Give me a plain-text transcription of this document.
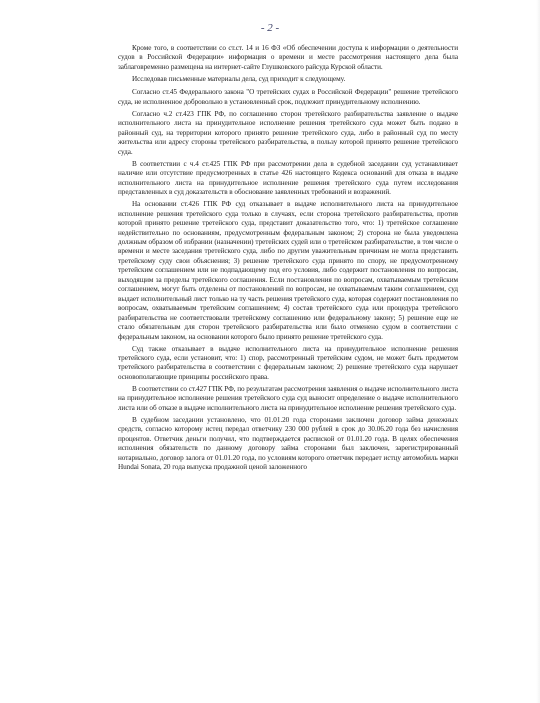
- 2 -

Кроме того, в соответствии со ст.ст. 14 и 16 ФЗ «Об обеспечении доступа к информации о деятельности судов в Российской Федерации» информация о времени и месте рассмотрения настоящего дела была заблаговременно размещена на интернет-сайте Глушковского райсуда Курской области.

Исследовав письменные материалы дела, суд приходит к следующему.

Согласно ст.45 Федерального закона "О третейских судах в Российской Федерации" решение третейского суда, не исполненное добровольно в установленный срок, подлежит принудительному исполнению.

Согласно ч.2 ст.423 ГПК РФ, по соглашению сторон третейского разбирательства заявление о выдаче исполнительного листа на принудительное исполнение решения третейского суда может быть подано в районный суд, на территории которого принято решение третейского суда, либо в районный суд по месту жительства или адресу стороны третейского разбирательства, в пользу которой принято решение третейского суда.

В соответствии с ч.4 ст.425 ГПК РФ при рассмотрении дела в судебной заседании суд устанавливает наличие или отсутствие предусмотренных в статье 426 настоящего Кодекса оснований для отказа в выдаче исполнительного листа на принудительное исполнение решения третейского суда путем исследования представленных в суд доказательств в обоснование заявленных требований и возражений.

На основании ст.426 ГПК РФ суд отказывает в выдаче исполнительного листа на принудительное исполнение решения третейского суда только в случаях, если сторона третейского разбирательства, против которой принято решение третейского суда, представит доказательство того, что: 1) третейское соглашение недействительно по основаниям, предусмотренным федеральным законом; 2) сторона не была уведомлена должным образом об избрании (назначении) третейских судей или о третейском разбирательстве, в том числе о времени и месте заседания третейского суда, либо по другим уважительным причинам не могла представить третейскому суду свои объяснения; 3) решение третейского суда принято по спору, не предусмотренному третейским соглашением или не подпадающему под его условия, либо содержит постановления по вопросам, выходящим за пределы третейского соглашения. Если постановления по вопросам, охватываемым третейским соглашением, могут быть отделены от постановлений по вопросам, не охватываемым таким соглашением, суд выдает исполнительный лист только на ту часть решения третейского суда, которая содержит постановления по вопросам, охватываемым третейским соглашением; 4) состав третейского суда или процедура третейского разбирательства не соответствовали третейскому соглашению или федеральному закону; 5) решение еще не стало обязательным для сторон третейского разбирательства или было отменено судом в соответствии с федеральным законом, на основании которого было принято решение третейского суда.

Суд также отказывает в выдаче исполнительного листа на принудительное исполнение решения третейского суда, если установит, что: 1) спор, рассмотренный третейским судом, не может быть предметом третейского разбирательства в соответствии с федеральным законом; 2) решение третейского суда нарушает основополагающие принципы российского права.

В соответствии со ст.427 ГПК РФ, по результатам рассмотрения заявления о выдаче исполнительного листа на принудительное исполнение решения третейского суда суд выносит определение о выдаче исполнительного листа или об отказе в выдаче исполнительного листа на принудительное исполнение решения третейского суда.

В судебном заседании установлено, что 01.01.20 года сторонами заключен договор займа денежных средств, согласно которому истец передал ответчику 230 000 рублей в срок до 30.06.20 года без начисления процентов. Ответчик деньги получил, что подтверждается распиской от 01.01.20 года. В целях обеспечения исполнения обязательств по данному договору займа сторонами был заключен, зарегистрированный нотариально, договор залога от 01.01.20 года, по условиям которого ответчик передает истцу автомобиль марки Hundai Sonata, 20 года выпуска продажной ценой заложенного
